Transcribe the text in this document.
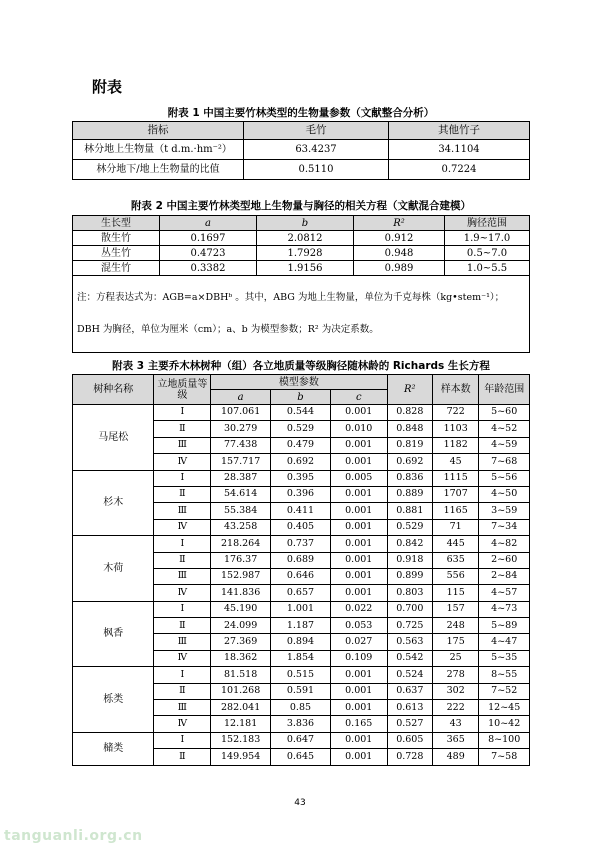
附表
附表 1 中国主要竹林类型的生物量参数（文献整合分析）
指标	毛竹	其他竹子
林分地上生物量（t d.m.·hm⁻²）	63.4237	34.1104
林分地下/地上生物量的比值	0.5110	0.7224
附表 2 中国主要竹林类型地上生物量与胸径的相关方程（文献混合建模）
生长型	a	b	R²	胸径范围
散生竹	0.1697	2.0812	0.912	1.9~17.0
丛生竹	0.4723	1.7928	0.948	0.5~7.0
混生竹	0.3382	1.9156	0.989	1.0~5.5

注：方程表达式为：AGB=a×DBHᵇ 。其中，ABG 为地上生物量，单位为千克每株（kg•stem⁻¹）；
DBH 为胸径，单位为厘米（cm）；a、b 为模型参数；R² 为决定系数。				
附表 3 主要乔木林树种（组）各立地质量等级胸径随林龄的 Richards 生长方程
树种名称	立地质量等级	模型参数			R²	样本数	年龄范围
		a	b	c			
马尾松	Ⅰ	107.061	0.544	0.001	0.828	722	5~60
	Ⅱ	30.279	0.529	0.010	0.848	1103	4~52
	Ⅲ	77.438	0.479	0.001	0.819	1182	4~59
	Ⅳ	157.717	0.692	0.001	0.692	45	7~68
杉木	Ⅰ	28.387	0.395	0.005	0.836	1115	5~56
	Ⅱ	54.614	0.396	0.001	0.889	1707	4~50
	Ⅲ	55.384	0.411	0.001	0.881	1165	3~59
	Ⅳ	43.258	0.405	0.001	0.529	71	7~34
木荷	Ⅰ	218.264	0.737	0.001	0.842	445	4~82
	Ⅱ	176.37	0.689	0.001	0.918	635	2~60
	Ⅲ	152.987	0.646	0.001	0.899	556	2~84
	Ⅳ	141.836	0.657	0.001	0.803	115	4~57
枫香	Ⅰ	45.190	1.001	0.022	0.700	157	4~73
	Ⅱ	24.099	1.187	0.053	0.725	248	5~89
	Ⅲ	27.369	0.894	0.027	0.563	175	4~47
	Ⅳ	18.362	1.854	0.109	0.542	25	5~35
栎类	Ⅰ	81.518	0.515	0.001	0.524	278	8~55
	Ⅱ	101.268	0.591	0.001	0.637	302	7~52
	Ⅲ	282.041	0.85	0.001	0.613	222	12~45
	Ⅳ	12.181	3.836	0.165	0.527	43	10~42
槠类	Ⅰ	152.183	0.647	0.001	0.605	365	8~100
	Ⅱ	149.954	0.645	0.001	0.728	489	7~58
43
tanguanli.org.cn
